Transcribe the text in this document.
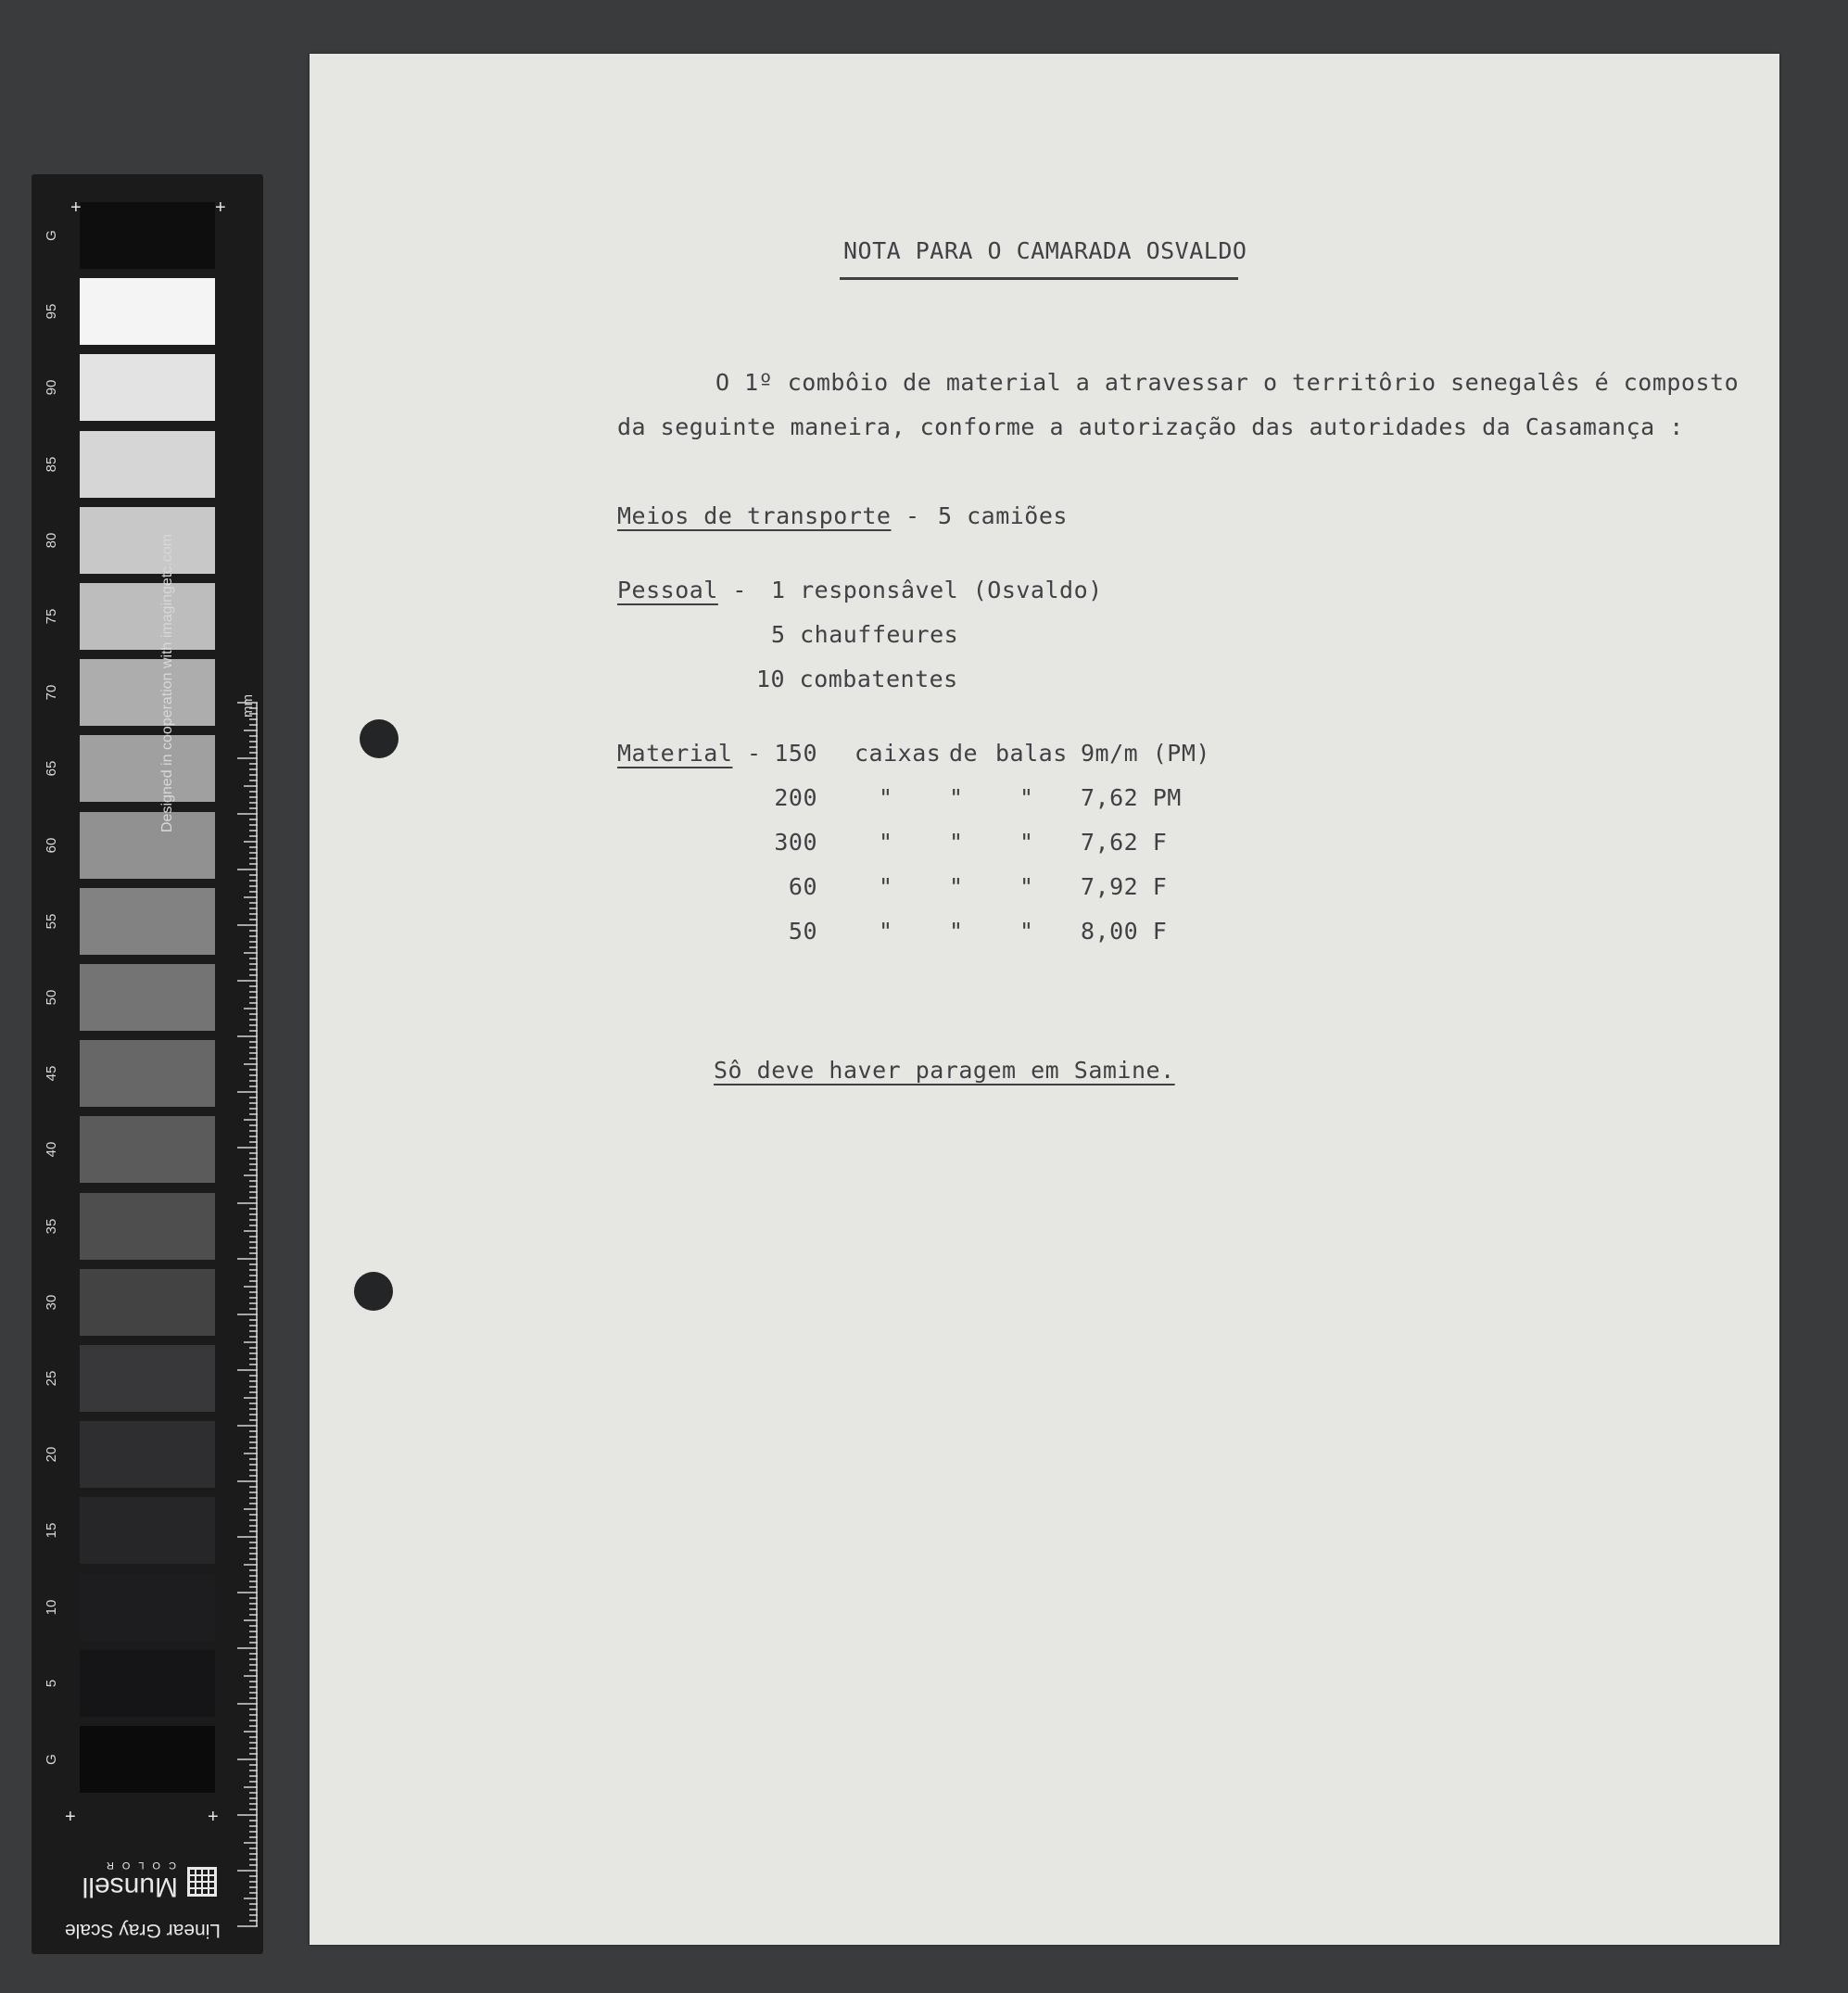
G
95
90
85
80
75
70
65
60
55
50
45
40
35
30
25
20
15
10
5
G
+	+
+	+
Designed in cooperation with imagingetc.com	mm
Linear Gray Scale
Munsell
COLOR
NOTA PARA O CAMARADA OSVALDO
O 1º combôio de material a atravessar o territôrio senegalês é composto
da seguinte maneira, conforme a autorização das autoridades da Casamança :
Meios de transporte - 5 camiões
Pessoal - 1 responsâvel (Osvaldo)
5 chauffeures
10 combatentes
Material - 150 caixas de balas 9m/m (PM)
200	" " " 7,62 PM
300	" " " 7,62 F
60	" " " 7,92 F
50	" " " 8,00 F
Sô deve haver paragem em Samine.
